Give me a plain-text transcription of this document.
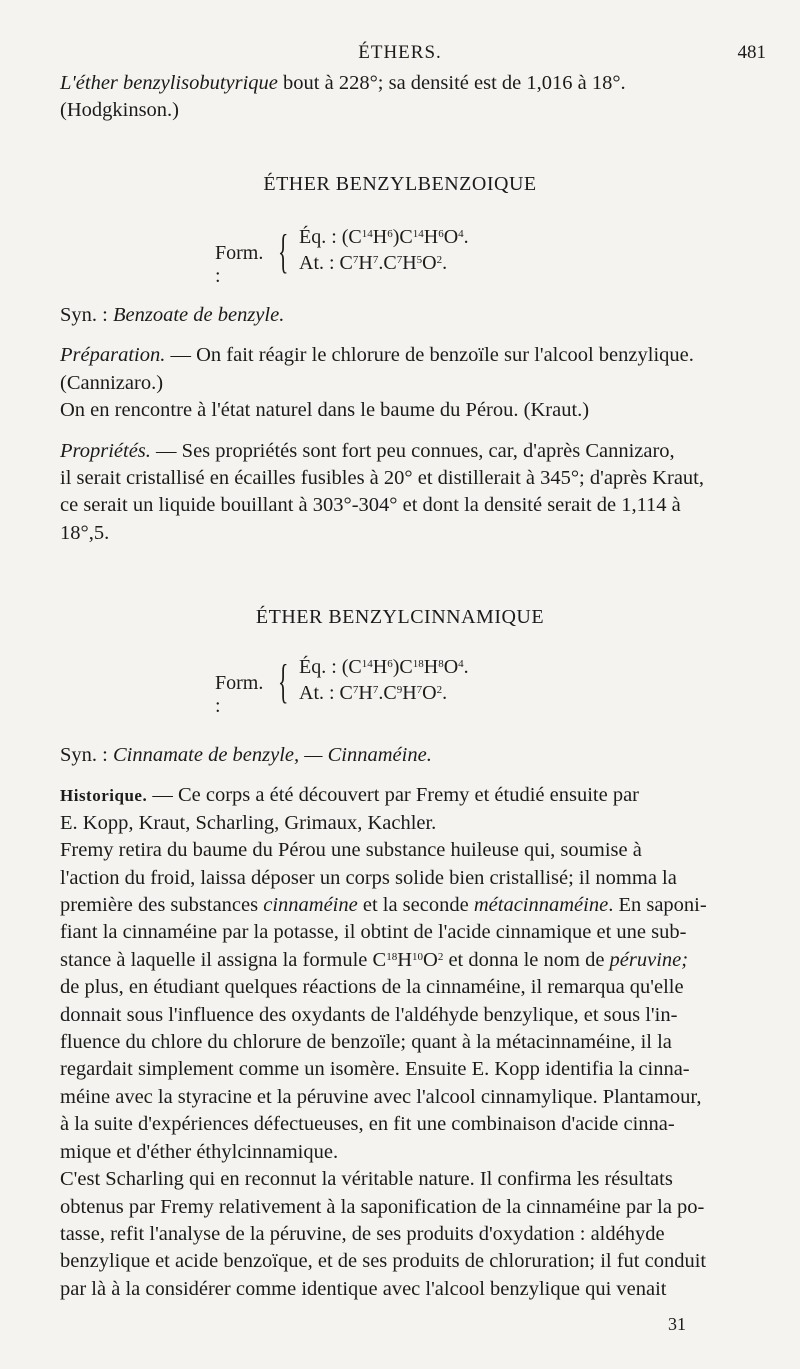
ÉTHERS.	481

L'éther benzylisobutyrique bout à 228°; sa densité est de 1,016 à 18°.

(Hodgkinson.)

ÉTHER BENZYLBENZOIQUE
Form. :	{ Éq. : $(C^{14}H^6)C^{14}H^6O^4$.
At. : $C^7H^7.C^7H^5O^2$.

Syn. : Benzoate de benzyle.

Préparation. — On fait réagir le chlorure de benzoïle sur l'alcool benzylique.

(Cannizaro.)

On en rencontre à l'état naturel dans le baume du Pérou. (Kraut.)

Propriétés. — Ses propriétés sont fort peu connues, car, d'après Cannizaro,

il serait cristallisé en écailles fusibles à 20° et distillerait à 345°; d'après Kraut,

ce serait un liquide bouillant à 303°-304° et dont la densité serait de 1,114 à

18°,5.

ÉTHER BENZYLCINNAMIQUE
Form. :	{ Éq. : $(C^{14}H^6)C^{18}H^8O^4$.
At. : $C^7H^7.C^9H^7O^2$.

Syn. : Cinnamate de benzyle, — Cinnaméine.

Historique. — Ce corps a été découvert par Fremy et étudié ensuite par

E. Kopp, Kraut, Scharling, Grimaux, Kachler.

Fremy retira du baume du Pérou une substance huileuse qui, soumise à

l'action du froid, laissa déposer un corps solide bien cristallisé; il nomma la

première des substances cinnaméine et la seconde métacinnaméine. En saponi-

fiant la cinnaméine par la potasse, il obtint de l'acide cinnamique et une sub-

stance à laquelle il assigna la formule $C^{18}H^{10}O^2$ et donna le nom de péruvine;

de plus, en étudiant quelques réactions de la cinnaméine, il remarqua qu'elle

donnait sous l'influence des oxydants de l'aldéhyde benzylique, et sous l'in-

fluence du chlore du chlorure de benzoïle; quant à la métacinnaméine, il la

regardait simplement comme un isomère. Ensuite E. Kopp identifia la cinna-

méine avec la styracine et la péruvine avec l'alcool cinnamylique. Plantamour,

à la suite d'expériences défectueuses, en fit une combinaison d'acide cinna-

mique et d'éther éthylcinnamique.

C'est Scharling qui en reconnut la véritable nature. Il confirma les résultats

obtenus par Fremy relativement à la saponification de la cinnaméine par la po-

tasse, refit l'analyse de la péruvine, de ses produits d'oxydation : aldéhyde

benzylique et acide benzoïque, et de ses produits de chloruration; il fut conduit

par là à la considérer comme identique avec l'alcool benzylique qui venait

31
